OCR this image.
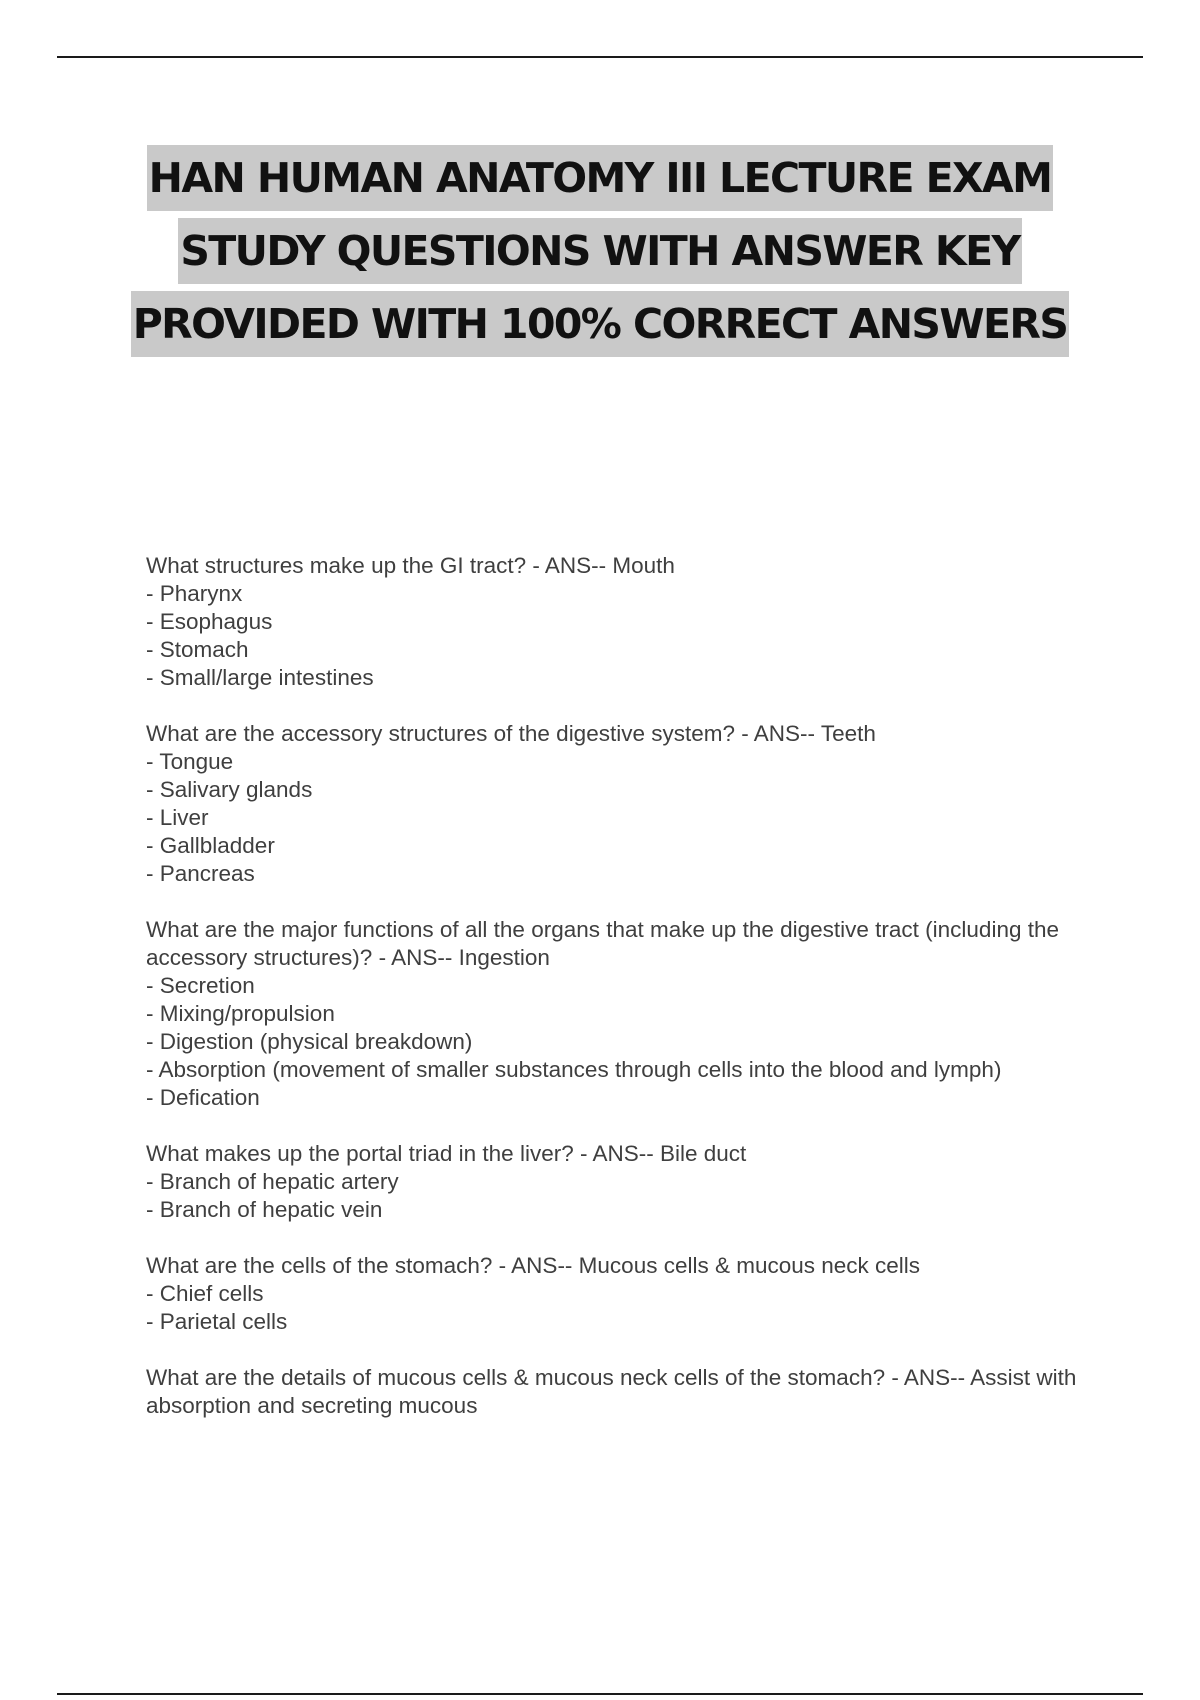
HAN HUMAN ANATOMY III LECTURE EXAM
STUDY QUESTIONS WITH ANSWER KEY
PROVIDED WITH 100% CORRECT ANSWERS
What structures make up the GI tract? - ANS-- Mouth
- Pharynx
- Esophagus
- Stomach
- Small/large intestines
What are the accessory structures of the digestive system? - ANS-- Teeth
- Tongue
- Salivary glands
- Liver
- Gallbladder
- Pancreas
What are the major functions of all the organs that make up the digestive tract (including the accessory structures)? - ANS-- Ingestion
- Secretion
- Mixing/propulsion
- Digestion (physical breakdown)
- Absorption (movement of smaller substances through cells into the blood and lymph)
- Defication
What makes up the portal triad in the liver? - ANS-- Bile duct
- Branch of hepatic artery
- Branch of hepatic vein
What are the cells of the stomach? - ANS-- Mucous cells & mucous neck cells
- Chief cells
- Parietal cells
What are the details of mucous cells & mucous neck cells of the stomach? - ANS-- Assist with absorption and secreting mucous
